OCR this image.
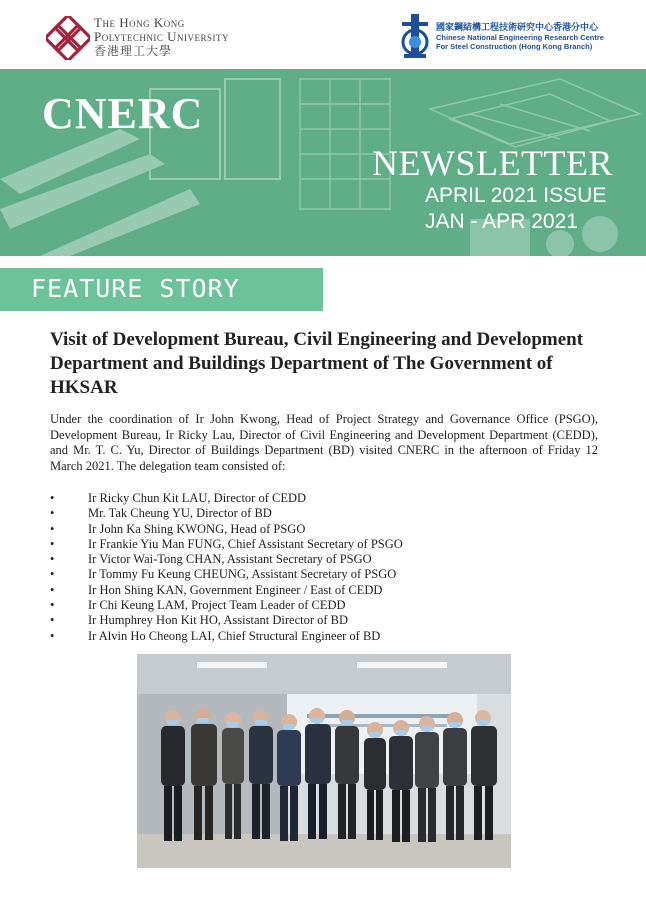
The Hong Kong
Polytechnic University
香港理工大學
國家鋼結構工程技術研究中心香港分中心
Chinese National Engineering Research Centre
For Steel Construction (Hong Kong Branch)
CNERC
NEWSLETTER
APRIL 2021 ISSUE
JAN - APR 2021
FEATURE STORY
Visit of Development Bureau, Civil Engineering and Development Department and Buildings Department of The Government of HKSAR
Under the coordination of Ir John Kwong, Head of Project Strategy and Governance Office (PSGO), Development Bureau, Ir Ricky Lau, Director of Civil Engineering and Development Department (CEDD), and Mr. T. C. Yu, Director of Buildings Department (BD) visited CNERC in the afternoon of Friday 12 March 2021. The delegation team consisted of:
•	Ir Ricky Chun Kit LAU, Director of CEDD
•	Mr. Tak Cheung YU, Director of BD
•	Ir John Ka Shing KWONG, Head of PSGO
•	Ir Frankie Yiu Man FUNG, Chief Assistant Secretary of PSGO
•	Ir Victor Wai-Tong CHAN, Assistant Secretary of PSGO
•	Ir Tommy Fu Keung CHEUNG, Assistant Secretary of PSGO
•	Ir Hon Shing KAN, Government Engineer / East of CEDD
•	Ir Chi Keung LAM, Project Team Leader of CEDD
•	Ir Humphrey Hon Kit HO, Assistant Director of BD
•	Ir Alvin Ho Cheong LAI, Chief Structural Engineer of BD
